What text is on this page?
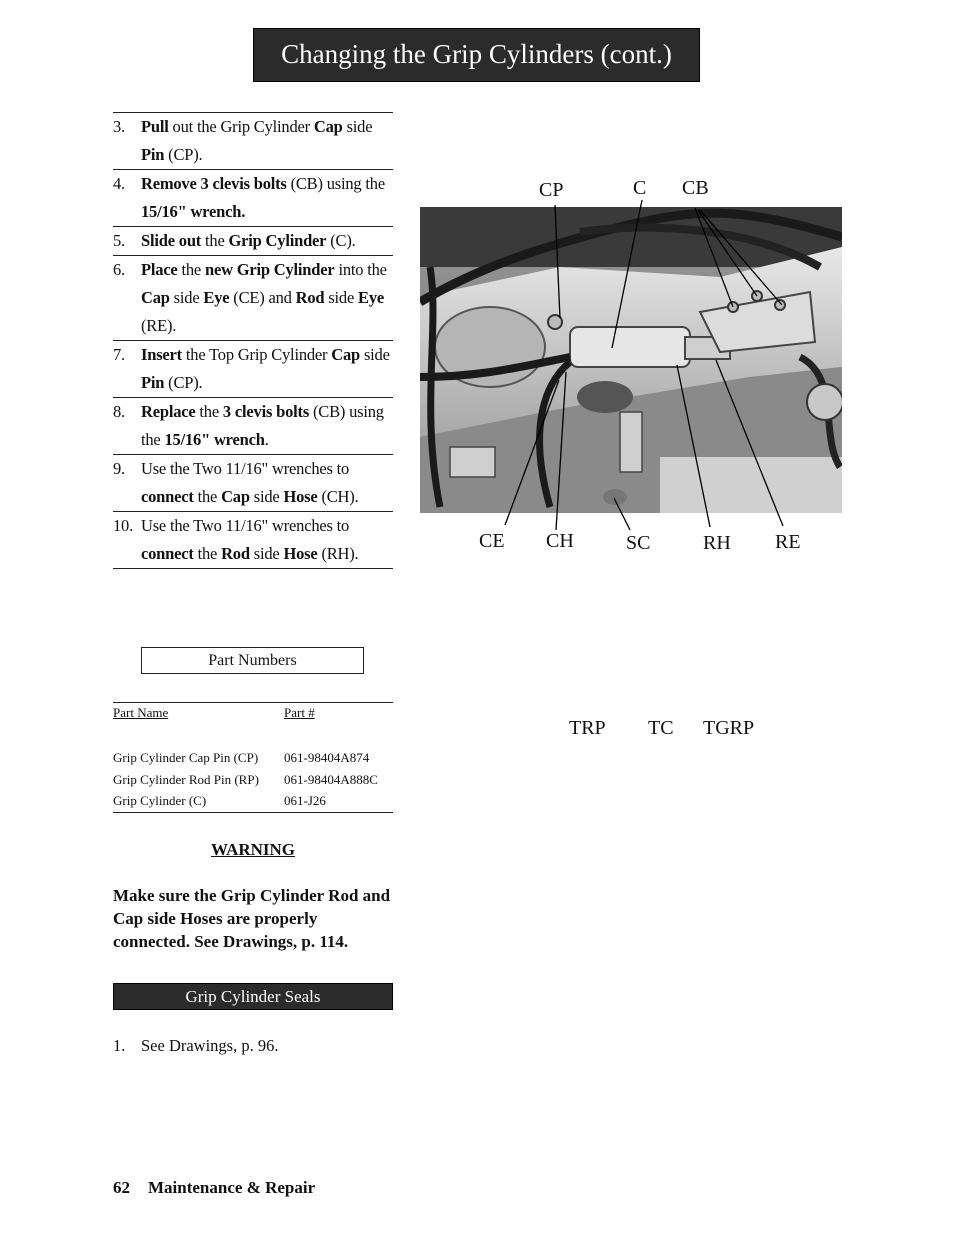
Changing the Grip Cylinders (cont.)
3. Pull out the Grip Cylinder Cap side Pin (CP).
4. Remove 3 clevis bolts (CB) using the 15/16" wrench.
5. Slide out the Grip Cylinder (C).
6. Place the new Grip Cylinder into the Cap side Eye (CE) and Rod side Eye (RE).
7. Insert the Top Grip Cylinder Cap side Pin (CP).
8. Replace the 3 clevis bolts (CB) using the 15/16" wrench.
9. Use the Two 11/16" wrenches to connect the Cap side Hose (CH).
10. Use the Two 11/16" wrenches to connect the Rod side Hose (RH).
Part Numbers
Part Name	Part #
Grip Cylinder Cap Pin (CP)	061-98404A874
Grip Cylinder Rod Pin (RP)	061-98404A888C
Grip Cylinder (C)	061-J26
WARNING
Make sure the Grip Cylinder Rod and Cap side Hoses are properly connected. See Drawings, p. 114.
Grip Cylinder Seals
1. See Drawings, p. 96.
CP	C CB
CE CH	SC	RH RE
TRP TC TGRP
62 Maintenance & Repair
